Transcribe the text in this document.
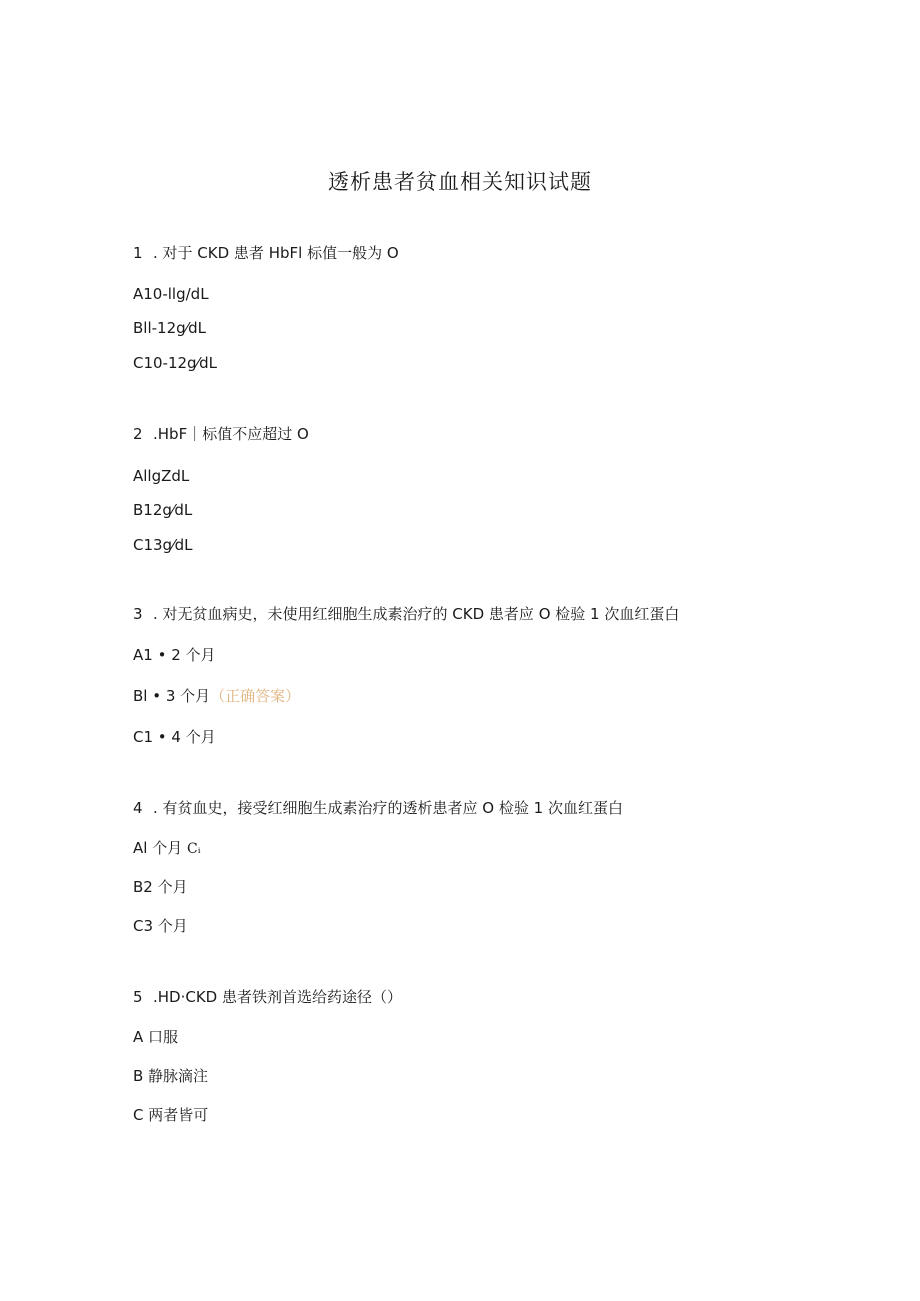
透析患者贫血相关知识试题
1 . 对于 CKD 患者 HbFl 标值一般为 O
A10-llg/dL
Bll-12g⁄dL
C10-12g⁄dL
2 .HbF｜标值不应超过 O
AllgZdL
B12g⁄dL
C13g⁄dL
3 . 对无贫血病史，未使用红细胞生成素治疗的 CKD 患者应 O 检验 1 次血红蛋白
A1 • 2 个月
Bl • 3 个月（正确答案）
C1 • 4 个月
4 . 有贫血史，接受红细胞生成素治疗的透析患者应 O 检验 1 次血红蛋白
Al 个月 Cᵢ
B2 个月
C3 个月
5 .HD·CKD 患者铁剂首选给药途径（）
A 口服
B 静脉滴注
C 两者皆可
